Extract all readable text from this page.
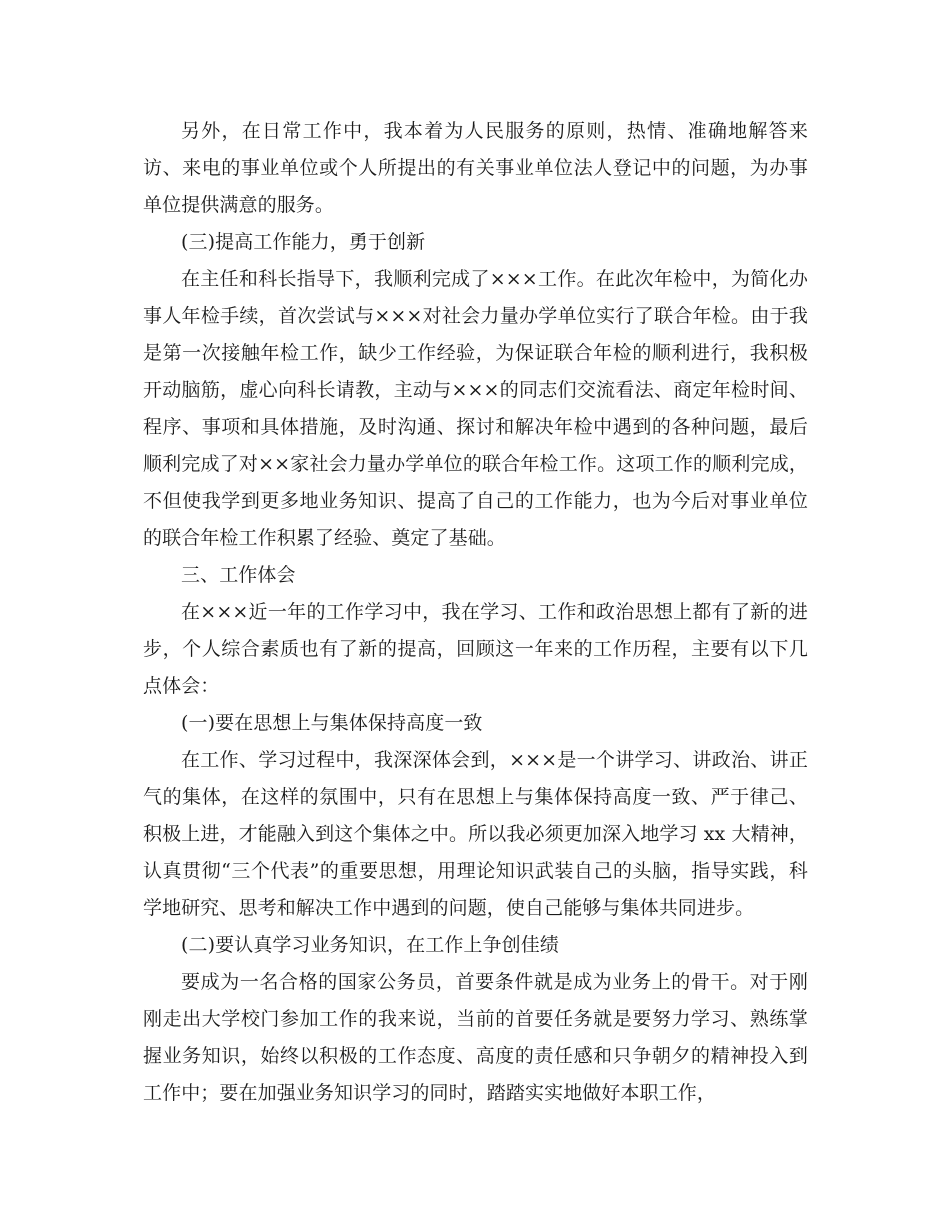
另外，在日常工作中，我本着为人民服务的原则，热情、准确地解答来访、来电的事业单位或个人所提出的有关事业单位法人登记中的问题，为办事单位提供满意的服务。

(三)提高工作能力，勇于创新

在主任和科长指导下，我顺利完成了×××工作。在此次年检中，为简化办事人年检手续，首次尝试与×××对社会力量办学单位实行了联合年检。由于我是第一次接触年检工作，缺少工作经验，为保证联合年检的顺利进行，我积极开动脑筋，虚心向科长请教，主动与×××的同志们交流看法、商定年检时间、程序、事项和具体措施，及时沟通、探讨和解决年检中遇到的各种问题，最后顺利完成了对××家社会力量办学单位的联合年检工作。这项工作的顺利完成，不但使我学到更多地业务知识、提高了自己的工作能力，也为今后对事业单位的联合年检工作积累了经验、奠定了基础。

三、工作体会

在×××近一年的工作学习中，我在学习、工作和政治思想上都有了新的进步，个人综合素质也有了新的提高，回顾这一年来的工作历程，主要有以下几点体会：

(一)要在思想上与集体保持高度一致

在工作、学习过程中，我深深体会到，×××是一个讲学习、讲政治、讲正气的集体，在这样的氛围中，只有在思想上与集体保持高度一致、严于律己、积极上进，才能融入到这个集体之中。所以我必须更加深入地学习 xx 大精神，认真贯彻“三个代表”的重要思想，用理论知识武装自己的头脑，指导实践，科学地研究、思考和解决工作中遇到的问题，使自己能够与集体共同进步。

(二)要认真学习业务知识，在工作上争创佳绩

要成为一名合格的国家公务员，首要条件就是成为业务上的骨干。对于刚刚走出大学校门参加工作的我来说，当前的首要任务就是要努力学习、熟练掌握业务知识，始终以积极的工作态度、高度的责任感和只争朝夕的精神投入到工作中；要在加强业务知识学习的同时，踏踏实实地做好本职工作，
